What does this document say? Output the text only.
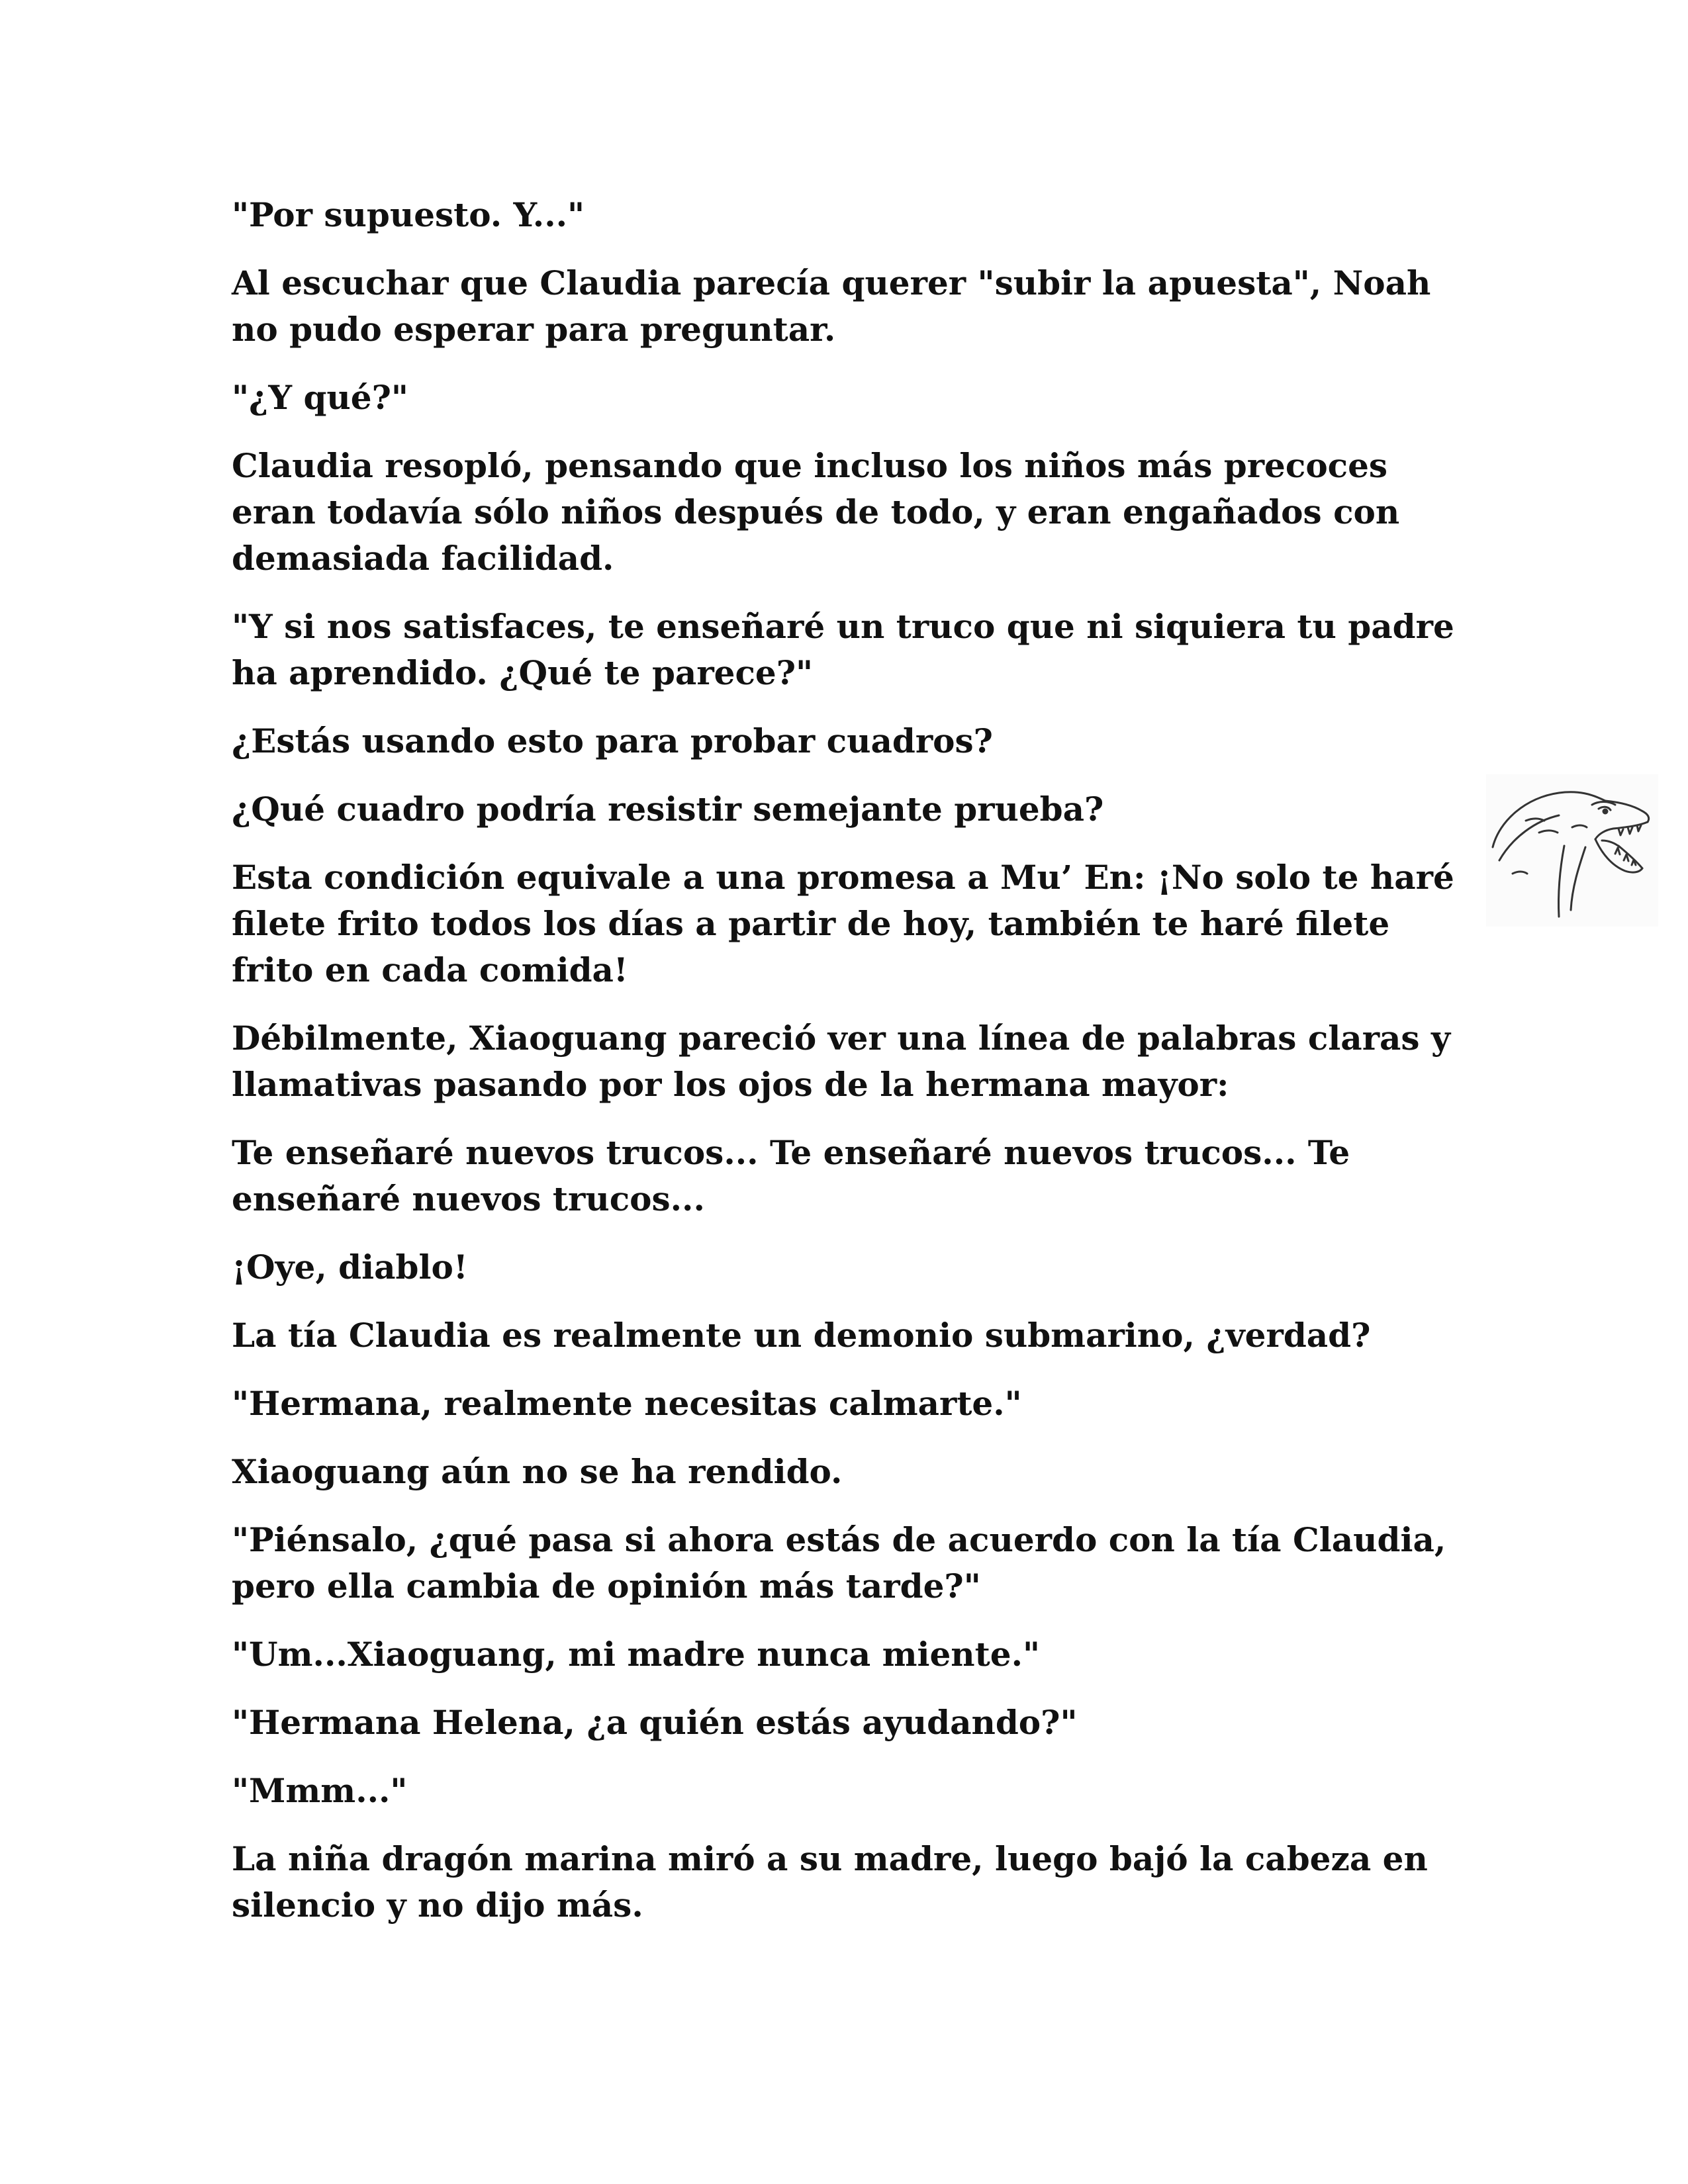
"Por supuesto. Y..."

Al escuchar que Claudia parecía querer "subir la apuesta", Noah no pudo esperar para preguntar.

"¿Y qué?"

Claudia resopló, pensando que incluso los niños más precoces eran todavía sólo niños después de todo, y eran engañados con demasiada facilidad.

"Y si nos satisfaces, te enseñaré un truco que ni siquiera tu padre ha aprendido. ¿Qué te parece?"

¿Estás usando esto para probar cuadros?

¿Qué cuadro podría resistir semejante prueba?

Esta condición equivale a una promesa a Mu’ En: ¡No solo te haré filete frito todos los días a partir de hoy, también te haré filete frito en cada comida!

Débilmente, Xiaoguang pareció ver una línea de palabras claras y llamativas pasando por los ojos de la hermana mayor:

Te enseñaré nuevos trucos... Te enseñaré nuevos trucos... Te enseñaré nuevos trucos...

¡Oye, diablo!

La tía Claudia es realmente un demonio submarino, ¿verdad?

"Hermana, realmente necesitas calmarte."

Xiaoguang aún no se ha rendido.

"Piénsalo, ¿qué pasa si ahora estás de acuerdo con la tía Claudia, pero ella cambia de opinión más tarde?"

"Um...Xiaoguang, mi madre nunca miente."

"Hermana Helena, ¿a quién estás ayudando?"

"Mmm..."

La niña dragón marina miró a su madre, luego bajó la cabeza en silencio y no dijo más.
